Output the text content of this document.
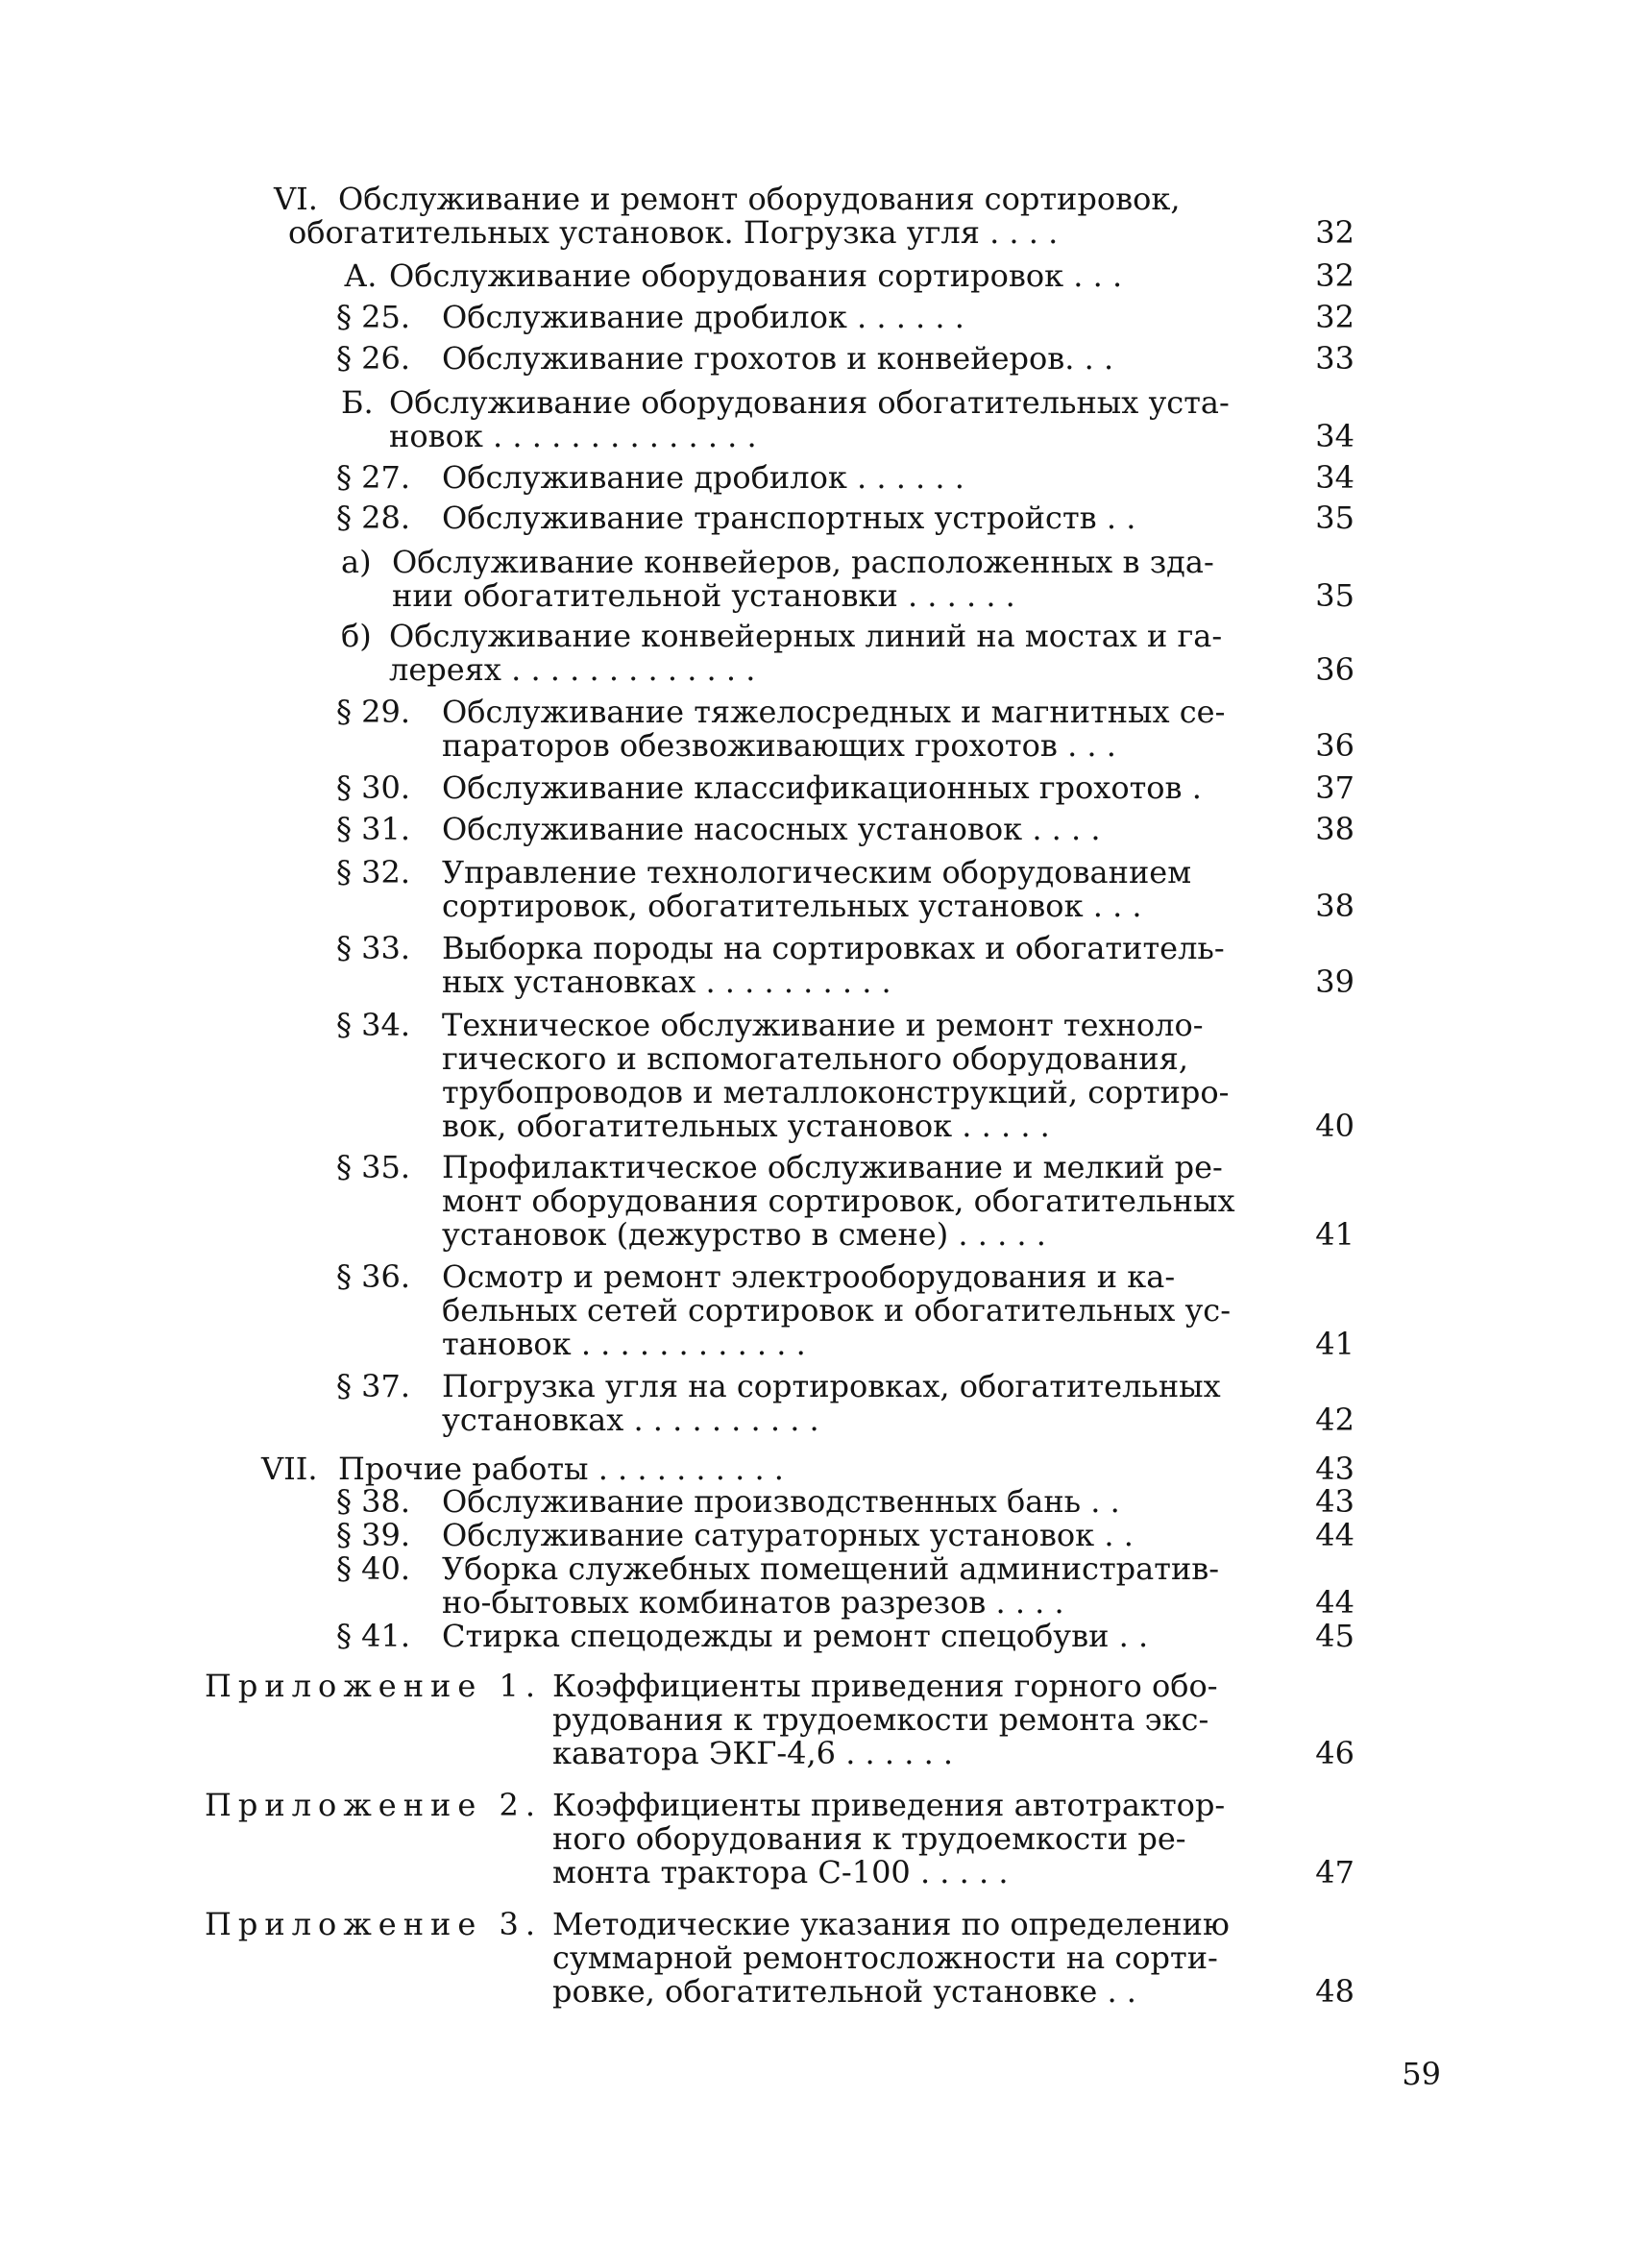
VI. Обслуживание и ремонт оборудования сортировок,
обогатительных установок. Погрузка угля . . . .	32
А. Обслуживание оборудования сортировок . . .	32
§ 25. Обслуживание дробилок . . . . . .	32
§ 26. Обслуживание грохотов и конвейеров. . .	33
Б. Обслуживание оборудования обогатительных уста-
новок . . . . . . . . . . . . . .	34
§ 27. Обслуживание дробилок . . . . . .	34
§ 28. Обслуживание транспортных устройств . .	35
а) Обслуживание конвейеров, расположенных в зда-
нии обогатительной установки . . . . . .	35
б) Обслуживание конвейерных линий на мостах и га-
лереях . . . . . . . . . . . . .	36
§ 29. Обслуживание тяжелосредных и магнитных се-
параторов обезвоживающих грохотов . . .	36
§ 30. Обслуживание классификационных грохотов .	37
§ 31. Обслуживание насосных установок . . . .	38
§ 32. Управление технологическим оборудованием
сортировок, обогатительных установок . . .	38
§ 33. Выборка породы на сортировках и обогатитель-
ных установках . . . . . . . . . .	39
§ 34. Техническое обслуживание и ремонт техноло-
гического и вспомогательного оборудования,
трубопроводов и металлоконструкций, сортиро-
вок, обогатительных установок . . . . .	40
§ 35. Профилактическое обслуживание и мелкий ре-
монт оборудования сортировок, обогатительных
установок (дежурство в смене) . . . . .	41
§ 36. Осмотр и ремонт электрооборудования и ка-
бельных сетей сортировок и обогатительных ус-
тановок . . . . . . . . . . . .	41
§ 37. Погрузка угля на сортировках, обогатительных
установках . . . . . . . . . .	42
VII. Прочие работы . . . . . . . . . .	43
§ 38. Обслуживание производственных бань . .	43
§ 39. Обслуживание сатураторных установок . .	44
§ 40. Уборка служебных помещений административ-
но-бытовых комбинатов разрезов . . . .	44
§ 41. Стирка спецодежды и ремонт спецобуви . .	45
Приложение 1. Коэффициенты приведения горного обо-
рудования к трудоемкости ремонта экс-
каватора ЭКГ-4,6 . . . . . .	46
Приложение 2. Коэффициенты приведения автотрактор-
ного оборудования к трудоемкости ре-
монта трактора С-100 . . . . .	47
Приложение 3. Методические указания по определению
суммарной ремонтосложности на сорти-
ровке, обогатительной установке . .	48
59
